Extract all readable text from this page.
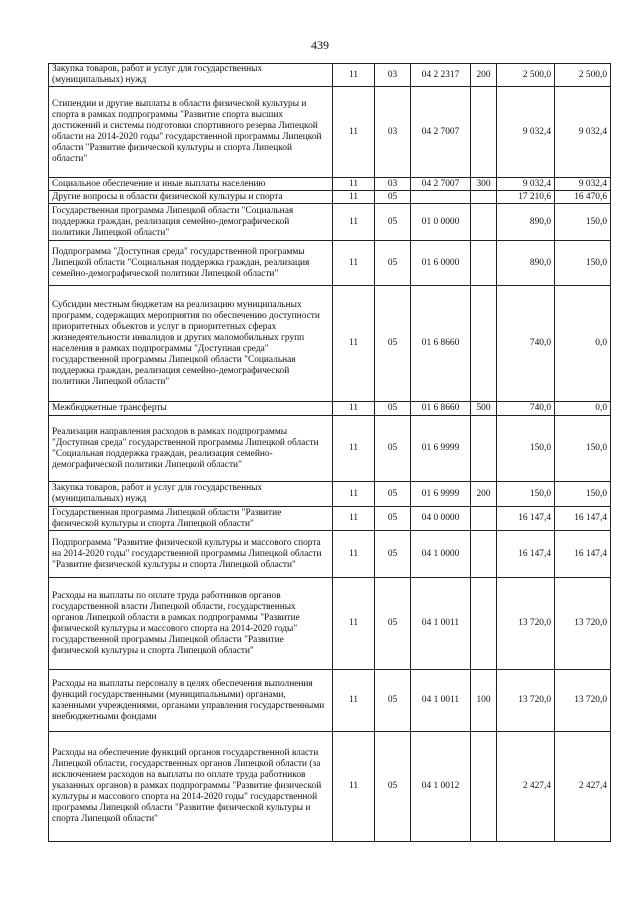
439
Закупка товаров, работ и услуг для государственных (муниципальных) нужд	11	03	04 2 2317	200	2 500,0	2 500,0
Стипендии и другие выплаты в области физической культуры и спорта в рамках подпрограммы "Развитие спорта высших достижений и системы подготовки спортивного резерва Липецкой области на 2014-2020 годы" государственной программы Липецкой области "Развитие физической культуры и спорта Липецкой области"	11	03	04 2 7007		9 032,4	9 032,4
Социальное обеспечение и иные выплаты населению	11	03	04 2 7007	300	9 032,4	9 032,4
Другие вопросы в области физической культуры и спорта	11	05			17 210,6	16 470,6
Государственная программа Липецкой области "Социальная поддержка граждан, реализация семейно-демографической политики Липецкой области"	11	05	01 0 0000		890,0	150,0
Подпрограмма "Доступная среда" государственной программы Липецкой области "Социальная поддержка граждан, реализация семейно-демографической политики Липецкой области"	11	05	01 6 0000		890,0	150,0
Субсидии местным бюджетам на реализацию муниципальных программ, содержащих мероприятия по обеспечению доступности приоритетных объектов и услуг в приоритетных сферах жизнедеятельности инвалидов и других маломобильных групп населения в рамках подпрограммы "Доступная среда" государственной программы Липецкой области "Социальная поддержка граждан, реализация семейно-демографической политики Липецкой области"	11	05	01 6 8660		740,0	0,0
Межбюджетные трансферты	11	05	01 6 8660	500	740,0	0,0
Реализация направления расходов в рамках подпрограммы "Доступная среда" государственной программы Липецкой области "Социальная поддержка граждан, реализация семейно-демографической политики Липецкой области"	11	05	01 6 9999		150,0	150,0
Закупка товаров, работ и услуг для государственных (муниципальных) нужд	11	05	01 6 9999	200	150,0	150,0
Государственная программа Липецкой области "Развитие физической культуры и спорта Липецкой области"	11	05	04 0 0000		16 147,4	16 147,4
Подпрограмма "Развитие физической культуры и массового спорта на 2014-2020 годы" государственной программы Липецкой области "Развитие физической культуры и спорта Липецкой области"	11	05	04 1 0000		16 147,4	16 147,4
Расходы на выплаты по оплате труда работников органов государственной власти Липецкой области, государственных органов Липецкой области в рамках подпрограммы "Развитие физической культуры и массового спорта на 2014-2020 годы" государственной программы Липецкой области "Развитие физической культуры и спорта Липецкой области"	11	05	04 1 0011		13 720,0	13 720,0
Расходы на выплаты персоналу в целях обеспечения выполнения функций государственными (муниципальными) органами, казенными учреждениями, органами управления государственными внебюджетными фондами	11	05	04 1 0011	100	13 720,0	13 720,0
Расходы на обеспечение функций органов государственной власти Липецкой области, государственных органов Липецкой области (за исключением расходов на выплаты по оплате труда работников указанных органов) в рамках подпрограммы "Развитие физической культуры и массового спорта на 2014-2020 годы" государственной программы Липецкой области "Развитие физической культуры и спорта Липецкой области"	11	05	04 1 0012		2 427,4	2 427,4
